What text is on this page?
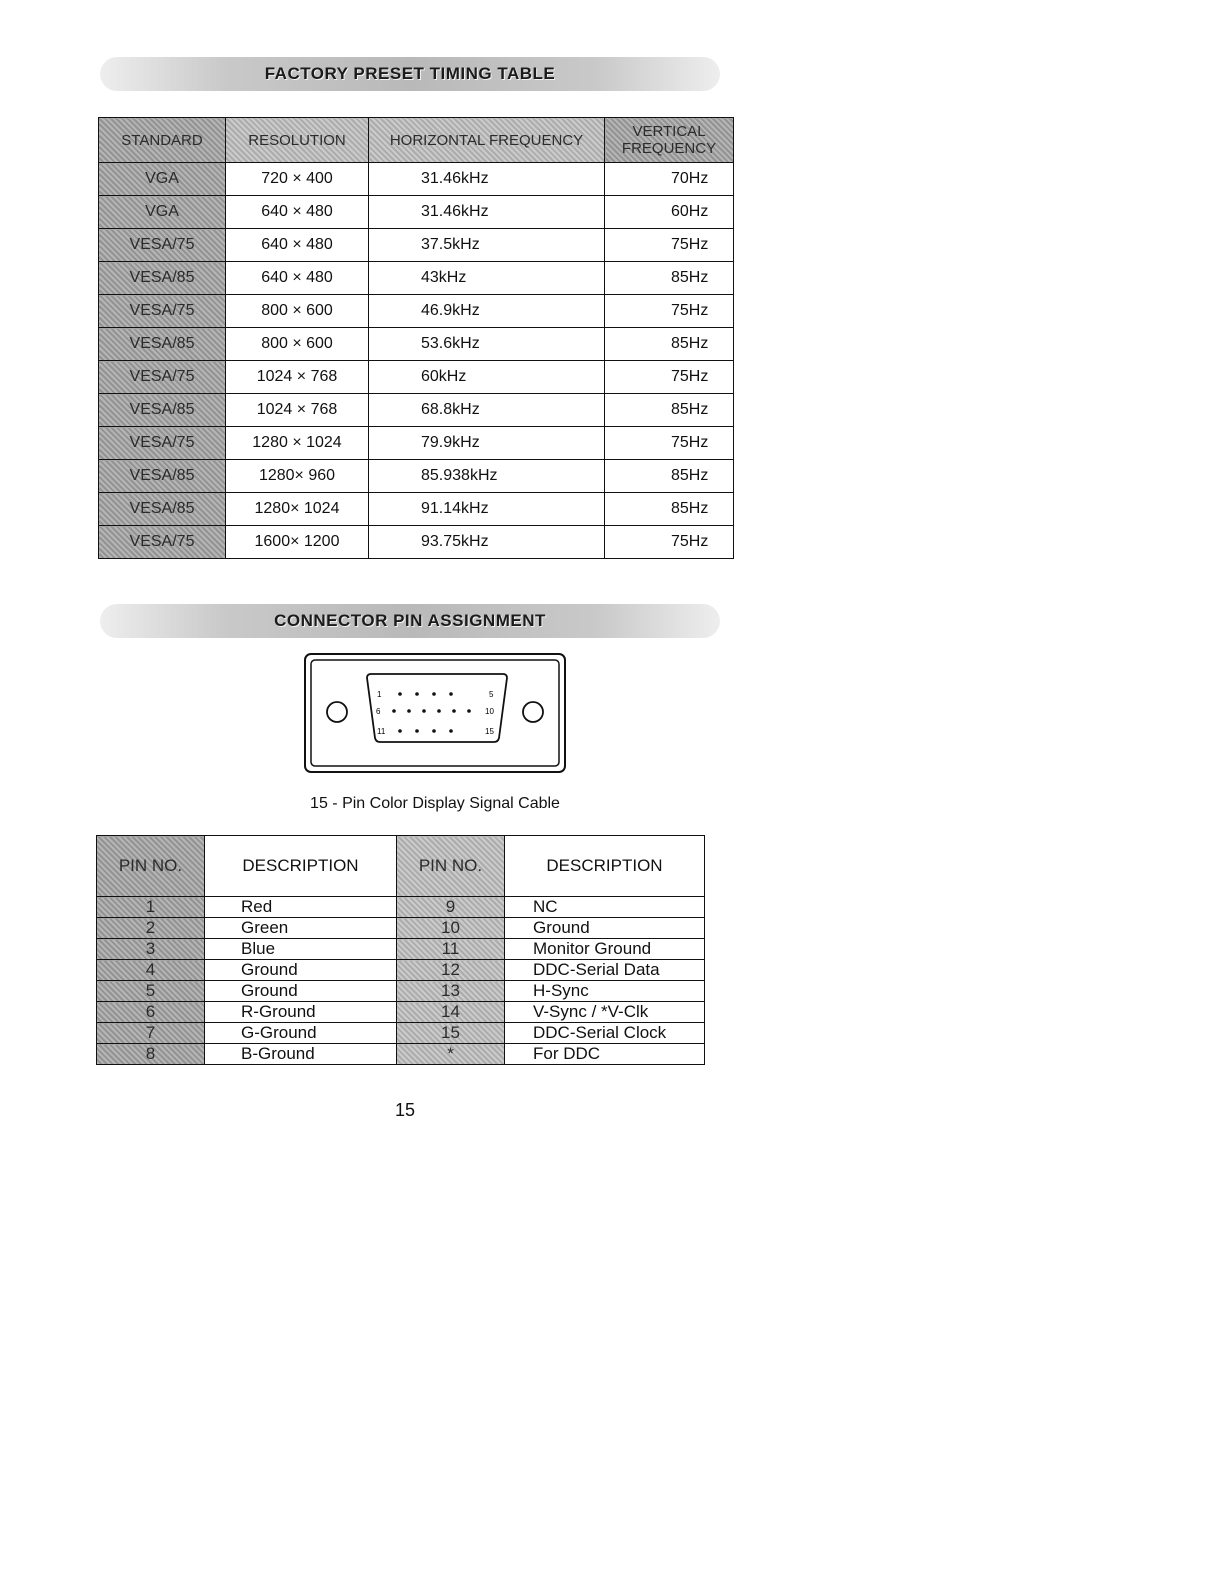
FACTORY PRESET TIMING TABLE
STANDARD	RESOLUTION	HORIZONTAL FREQUENCY	VERTICAL FREQUENCY
VGA	720 × 400	31.46kHz	70Hz
VGA	640 × 480	31.46kHz	60Hz
VESA/75	640 × 480	37.5kHz	75Hz
VESA/85	640 × 480	43kHz	85Hz
VESA/75	800 × 600	46.9kHz	75Hz
VESA/85	800 × 600	53.6kHz	85Hz
VESA/75	1024 × 768	60kHz	75Hz
VESA/85	1024 × 768	68.8kHz	85Hz
VESA/75	1280 × 1024	79.9kHz	75Hz
VESA/85	1280× 960	85.938kHz	85Hz
VESA/85	1280× 1024	91.14kHz	85Hz
VESA/75	1600× 1200	93.75kHz	75Hz
CONNECTOR PIN ASSIGNMENT
1	5
6	10
11	15
15 - Pin Color Display Signal Cable
PIN NO.	DESCRIPTION	PIN NO.	DESCRIPTION
1	Red	9	NC
2	Green	10	Ground
3	Blue	11	Monitor Ground
4	Ground	12	DDC-Serial Data
5	Ground	13	H-Sync
6	R-Ground	14	V-Sync / *V-Clk
7	G-Ground	15	DDC-Serial Clock
8	B-Ground	*	For DDC
15
